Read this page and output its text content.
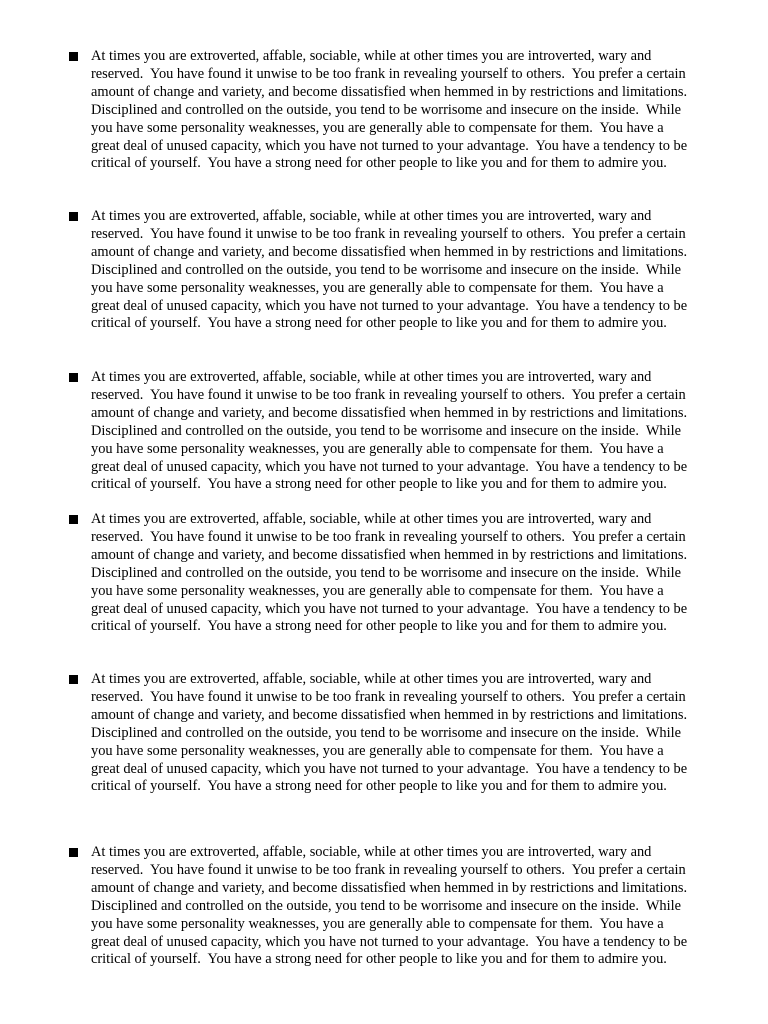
At times you are extroverted, affable, sociable, while at other times you are introverted, wary and
reserved.  You have found it unwise to be too frank in revealing yourself to others.  You prefer a certain
amount of change and variety, and become dissatisfied when hemmed in by restrictions and limitations.
Disciplined and controlled on the outside, you tend to be worrisome and insecure on the inside.  While
you have some personality weaknesses, you are generally able to compensate for them.  You have a
great deal of unused capacity, which you have not turned to your advantage.  You have a tendency to be
critical of yourself.  You have a strong need for other people to like you and for them to admire you.

At times you are extroverted, affable, sociable, while at other times you are introverted, wary and
reserved.  You have found it unwise to be too frank in revealing yourself to others.  You prefer a certain
amount of change and variety, and become dissatisfied when hemmed in by restrictions and limitations.
Disciplined and controlled on the outside, you tend to be worrisome and insecure on the inside.  While
you have some personality weaknesses, you are generally able to compensate for them.  You have a
great deal of unused capacity, which you have not turned to your advantage.  You have a tendency to be
critical of yourself.  You have a strong need for other people to like you and for them to admire you.

At times you are extroverted, affable, sociable, while at other times you are introverted, wary and
reserved.  You have found it unwise to be too frank in revealing yourself to others.  You prefer a certain
amount of change and variety, and become dissatisfied when hemmed in by restrictions and limitations.
Disciplined and controlled on the outside, you tend to be worrisome and insecure on the inside.  While
you have some personality weaknesses, you are generally able to compensate for them.  You have a
great deal of unused capacity, which you have not turned to your advantage.  You have a tendency to be
critical of yourself.  You have a strong need for other people to like you and for them to admire you.

At times you are extroverted, affable, sociable, while at other times you are introverted, wary and
reserved.  You have found it unwise to be too frank in revealing yourself to others.  You prefer a certain
amount of change and variety, and become dissatisfied when hemmed in by restrictions and limitations.
Disciplined and controlled on the outside, you tend to be worrisome and insecure on the inside.  While
you have some personality weaknesses, you are generally able to compensate for them.  You have a
great deal of unused capacity, which you have not turned to your advantage.  You have a tendency to be
critical of yourself.  You have a strong need for other people to like you and for them to admire you.

At times you are extroverted, affable, sociable, while at other times you are introverted, wary and
reserved.  You have found it unwise to be too frank in revealing yourself to others.  You prefer a certain
amount of change and variety, and become dissatisfied when hemmed in by restrictions and limitations.
Disciplined and controlled on the outside, you tend to be worrisome and insecure on the inside.  While
you have some personality weaknesses, you are generally able to compensate for them.  You have a
great deal of unused capacity, which you have not turned to your advantage.  You have a tendency to be
critical of yourself.  You have a strong need for other people to like you and for them to admire you.

At times you are extroverted, affable, sociable, while at other times you are introverted, wary and
reserved.  You have found it unwise to be too frank in revealing yourself to others.  You prefer a certain
amount of change and variety, and become dissatisfied when hemmed in by restrictions and limitations.
Disciplined and controlled on the outside, you tend to be worrisome and insecure on the inside.  While
you have some personality weaknesses, you are generally able to compensate for them.  You have a
great deal of unused capacity, which you have not turned to your advantage.  You have a tendency to be
critical of yourself.  You have a strong need for other people to like you and for them to admire you.
